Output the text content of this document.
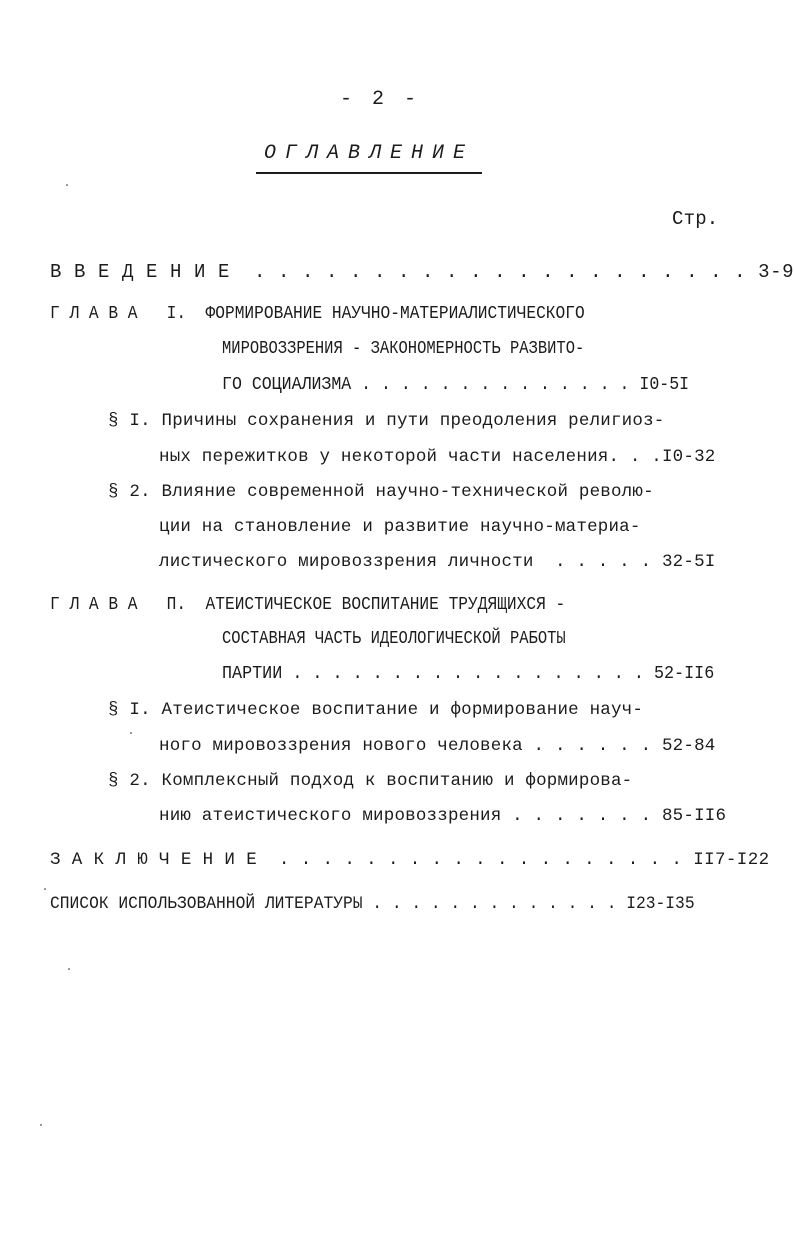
- 2 -
ОГЛАВЛЕНИЕ
Стр.
В В Е Д Е Н И Е  . . . . . . . . . . . . . . . . . . . . . 3-9
Г Л А В А   I.  ФОРМИРОВАНИЕ НАУЧНО-МАТЕРИАЛИСТИЧЕСКОГО
МИРОВОЗЗРЕНИЯ - ЗАКОНОМЕРНОСТЬ РАЗВИТО-
ГО СОЦИАЛИЗМА . . . . . . . . . . . . . . I0-5I
§ I. Причины сохранения и пути преодоления религиоз-
ных пережитков у некоторой части населения. . .I0-32
§ 2. Влияние современной научно-технической револю-
ции на становление и развитие научно-материа-
листического мировоззрения личности  . . . . . 32-5I
Г Л А В А   П.  АТЕИСТИЧЕСКОЕ ВОСПИТАНИЕ ТРУДЯЩИХСЯ -
СОСТАВНАЯ ЧАСТЬ ИДЕОЛОГИЧЕСКОЙ РАБОТЫ
ПАРТИИ . . . . . . . . . . . . . . . . . . 52-II6
§ I. Атеистическое воспитание и формирование науч-
ного мировоззрения нового человека . . . . . . 52-84
§ 2. Комплексный подход к воспитанию и формирова-
нию атеистического мировоззрения . . . . . . . 85-II6
З А К Л Ю Ч Е Н И Е  . . . . . . . . . . . . . . . . . . . II7-I22
СПИСОК ИСПОЛЬЗОВАННОЙ ЛИТЕРАТУРЫ . . . . . . . . . . . . . I23-I35
